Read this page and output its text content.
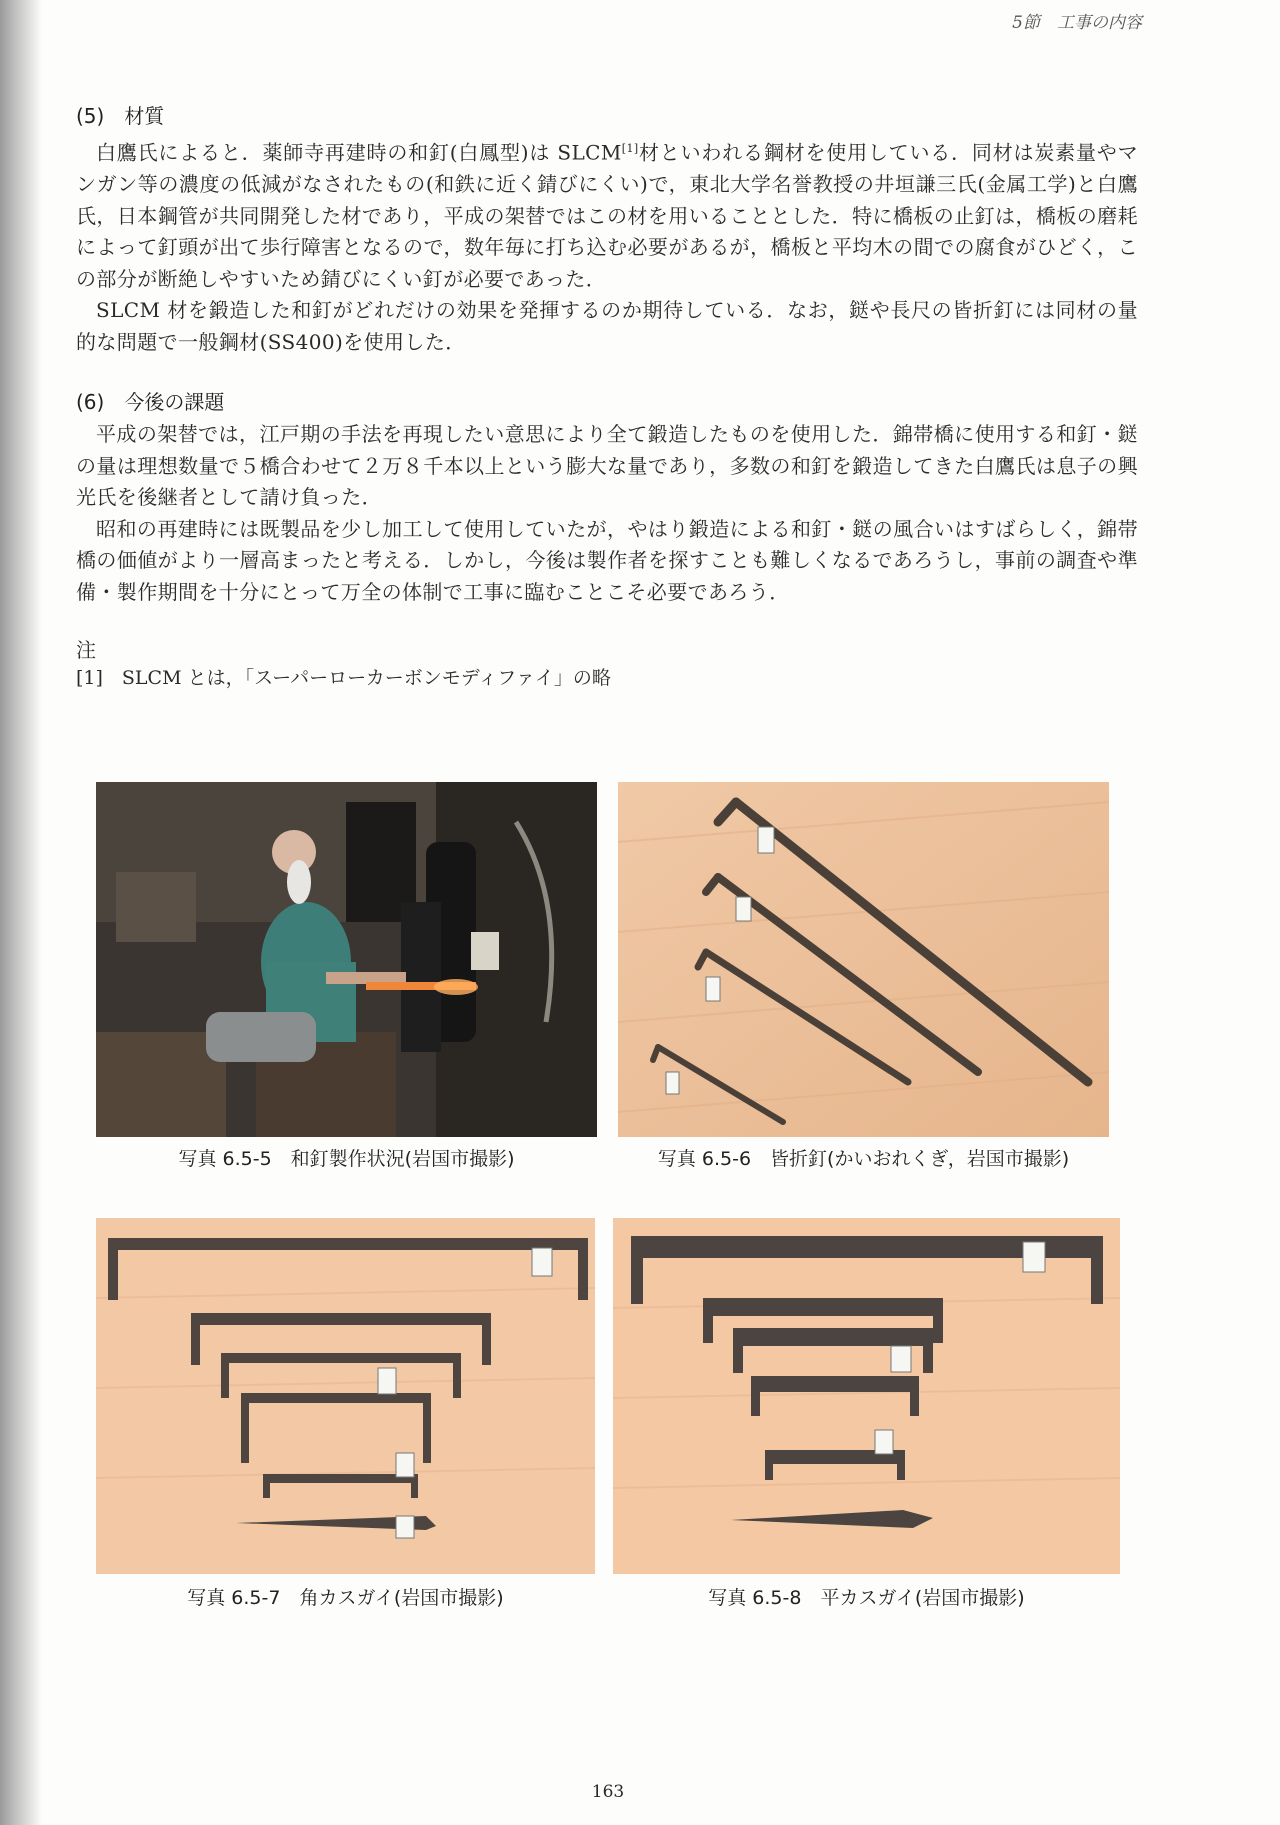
5節　工事の内容
(5)　材質

白鷹氏によると．薬師寺再建時の和釘(白鳳型)は SLCM[1]材といわれる鋼材を使用している．同材は炭素量やマンガン等の濃度の低減がなされたもの(和鉄に近く錆びにくい)で，東北大学名誉教授の井垣謙三氏(金属工学)と白鷹氏，日本鋼管が共同開発した材であり，平成の架替ではこの材を用いることとした．特に橋板の止釘は，橋板の磨耗によって釘頭が出て歩行障害となるので，数年毎に打ち込む必要があるが，橋板と平均木の間での腐食がひどく，この部分が断絶しやすいため錆びにくい釘が必要であった．

SLCM 材を鍛造した和釘がどれだけの効果を発揮するのか期待している．なお，鎹や長尺の皆折釘には同材の量的な問題で一般鋼材(SS400)を使用した．

(6)　今後の課題

平成の架替では，江戸期の手法を再現したい意思により全て鍛造したものを使用した．錦帯橋に使用する和釘・鎹の量は理想数量で５橋合わせて２万８千本以上という膨大な量であり，多数の和釘を鍛造してきた白鷹氏は息子の興光氏を後継者として請け負った．

昭和の再建時には既製品を少し加工して使用していたが，やはり鍛造による和釘・鎹の風合いはすばらしく，錦帯橋の価値がより一層高まったと考える．しかし，今後は製作者を探すことも難しくなるであろうし，事前の調査や準備・製作期間を十分にとって万全の体制で工事に臨むことこそ必要であろう．

注
[1]　SLCM とは，「スーパーローカーボンモディファイ」の略
写真 6.5-5　和釘製作状況(岩国市撮影)	写真 6.5-6　皆折釘(かいおれくぎ，岩国市撮影)
写真 6.5-7　角カスガイ(岩国市撮影)	写真 6.5-8　平カスガイ(岩国市撮影)
163
